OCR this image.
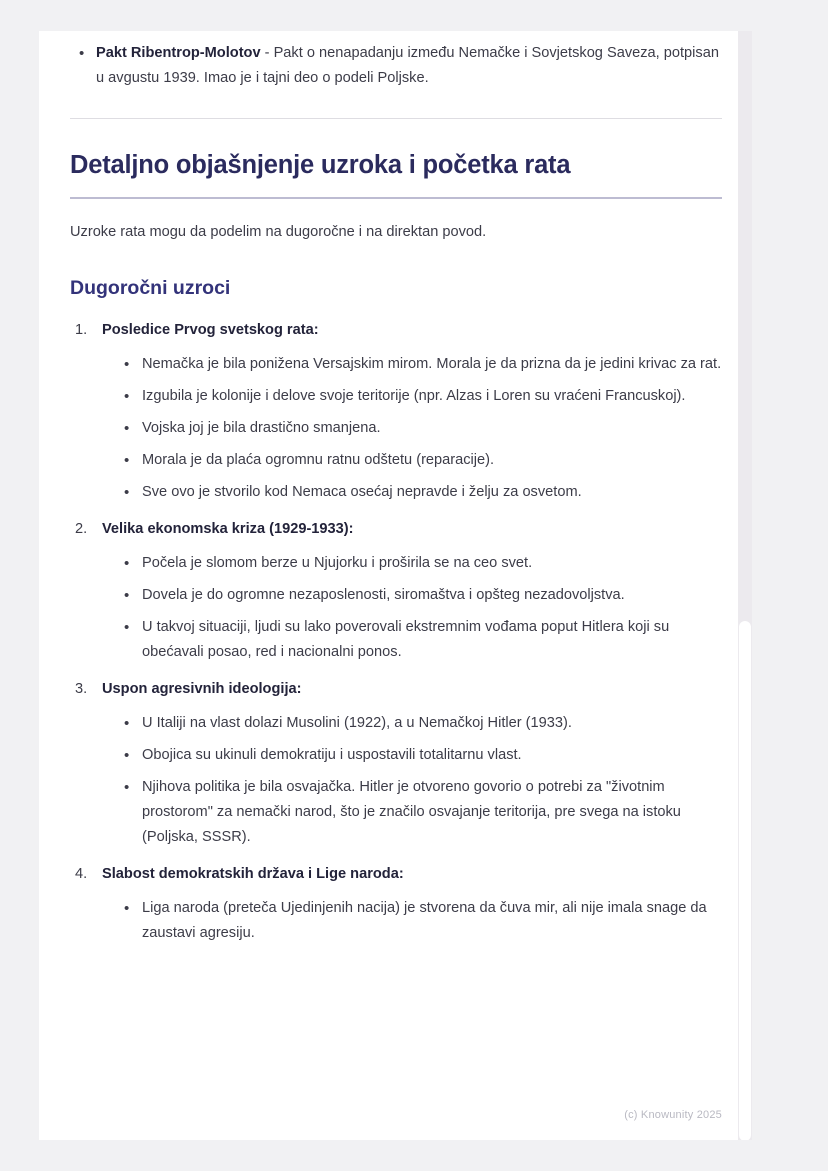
• Pakt Ribentrop-Molotov - Pakt o nenapadanju između Nemačke i Sovjetskog Saveza, potpisan u avgustu 1939. Imao je i tajni deo o podeli Poljske.
Detaljno objašnjenje uzroka i početka rata

Uzroke rata mogu da podelim na dugoročne i na direktan povod.

Dugoročni uzroci
Posledice Prvog svetskog rata:
• Nemačka je bila ponižena Versajskim mirom. Morala je da prizna da je jedini krivac za rat.
• Izgubila je kolonije i delove svoje teritorije (npr. Alzas i Loren su vraćeni Francuskoj).
• Vojska joj je bila drastično smanjena.
• Morala je da plaća ogromnu ratnu odštetu (reparacije).
• Sve ovo je stvorilo kod Nemaca osećaj nepravde i želju za osvetom.
Velika ekonomska kriza (1929-1933):
• Počela je slomom berze u Njujorku i proširila se na ceo svet.
• Dovela je do ogromne nezaposlenosti, siromaštva i opšteg nezadovoljstva.
• U takvoj situaciji, ljudi su lako poverovali ekstremnim vođama poput Hitlera koji su obećavali posao, red i nacionalni ponos.
Uspon agresivnih ideologija:
• U Italiji na vlast dolazi Musolini (1922), a u Nemačkoj Hitler (1933).
• Obojica su ukinuli demokratiju i uspostavili totalitarnu vlast.
• Njihova politika je bila osvajačka. Hitler je otvoreno govorio o potrebi za "životnim prostorom" za nemački narod, što je značilo osvajanje teritorija, pre svega na istoku (Poljska, SSSR).
Slabost demokratskih država i Lige naroda:
• Liga naroda (preteča Ujedinjenih nacija) je stvorena da čuva mir, ali nije imala snage da zaustavi agresiju.
(c) Knowunity 2025
